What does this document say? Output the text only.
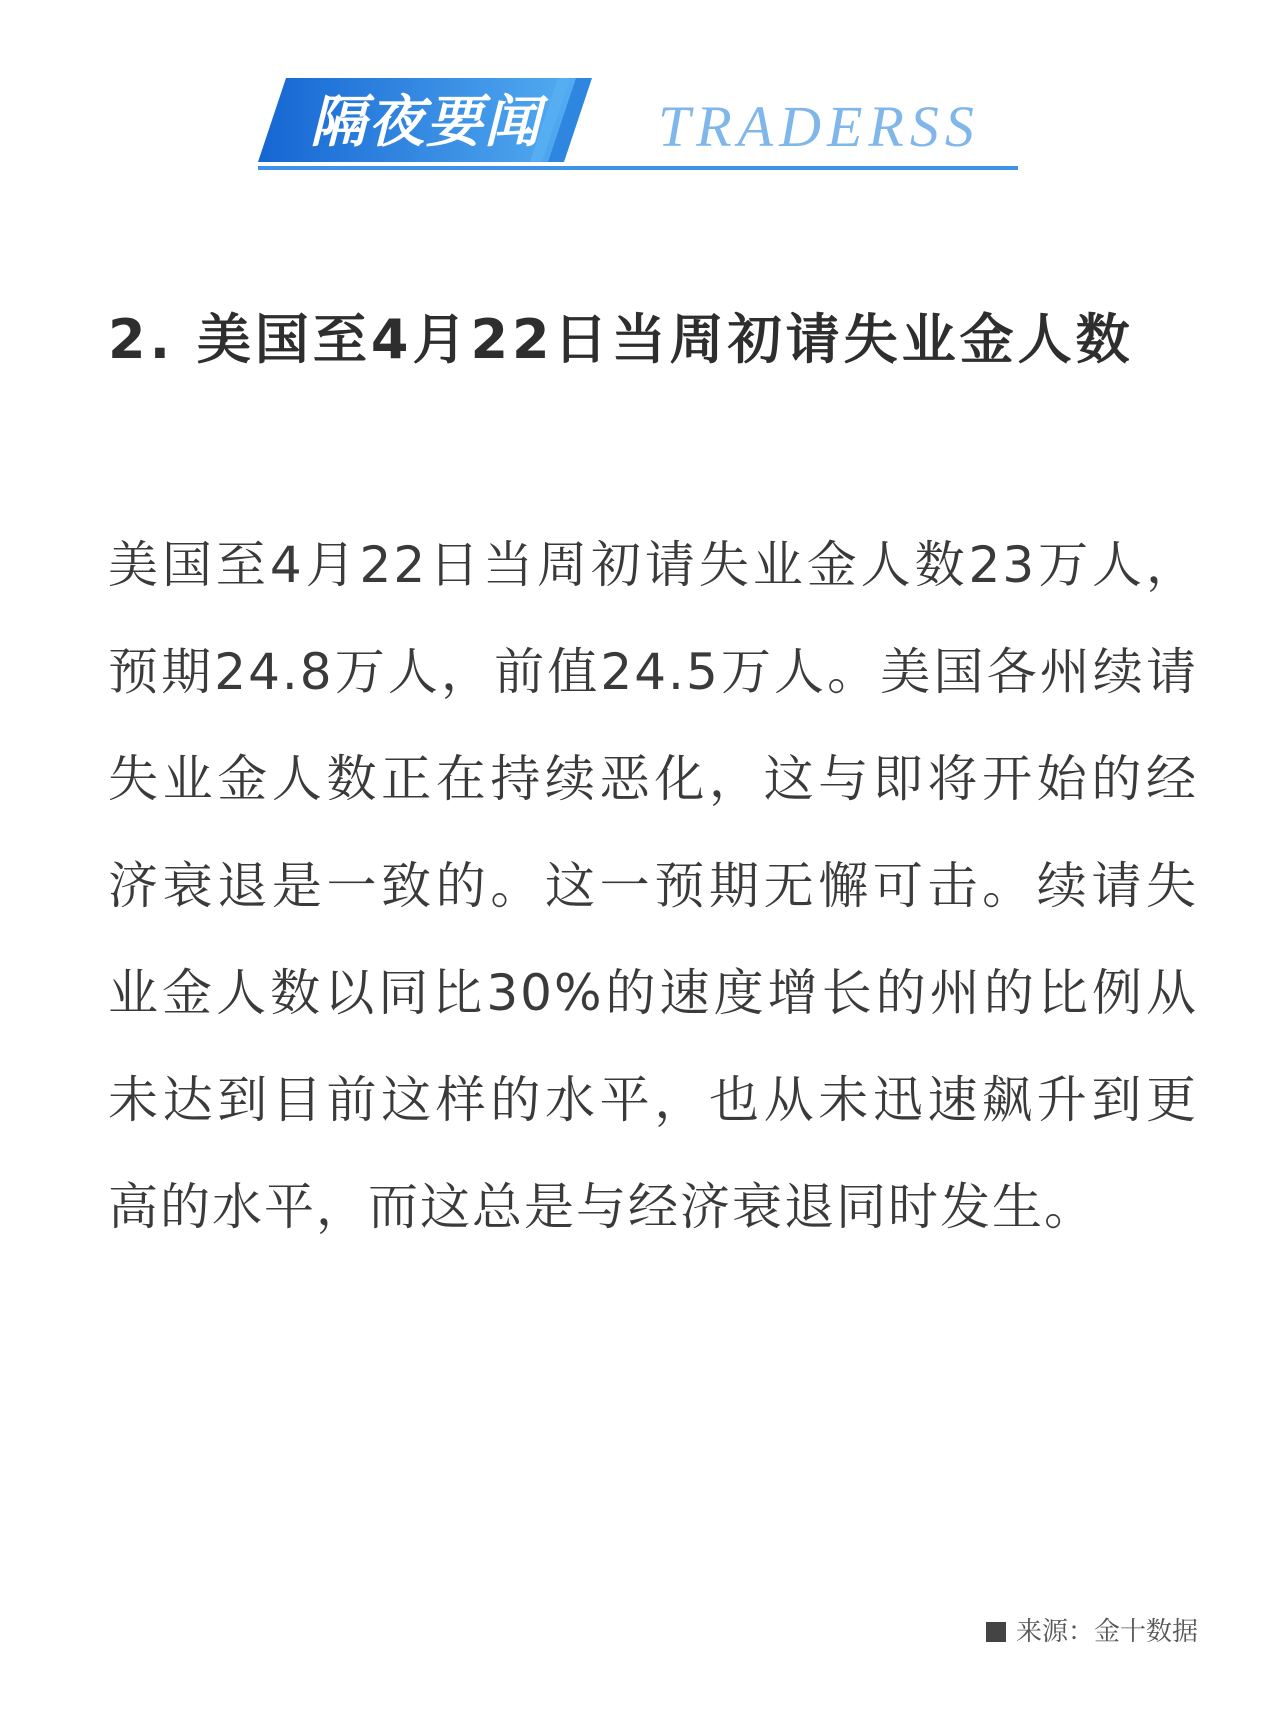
隔夜要闻	TRADERSS
2. 美国至4月22日当周初请失业金人数
美国至4月22日当周初请失业金人数23万人，预期24.8万人，前值24.5万人。美国各州续请失业金人数正在持续恶化，这与即将开始的经济衰退是一致的。这一预期无懈可击。续请失业金人数以同比30%的速度增长的州的比例从未达到目前这样的水平，也从未迅速飙升到更高的水平，而这总是与经济衰退同时发生。
来源：金十数据
